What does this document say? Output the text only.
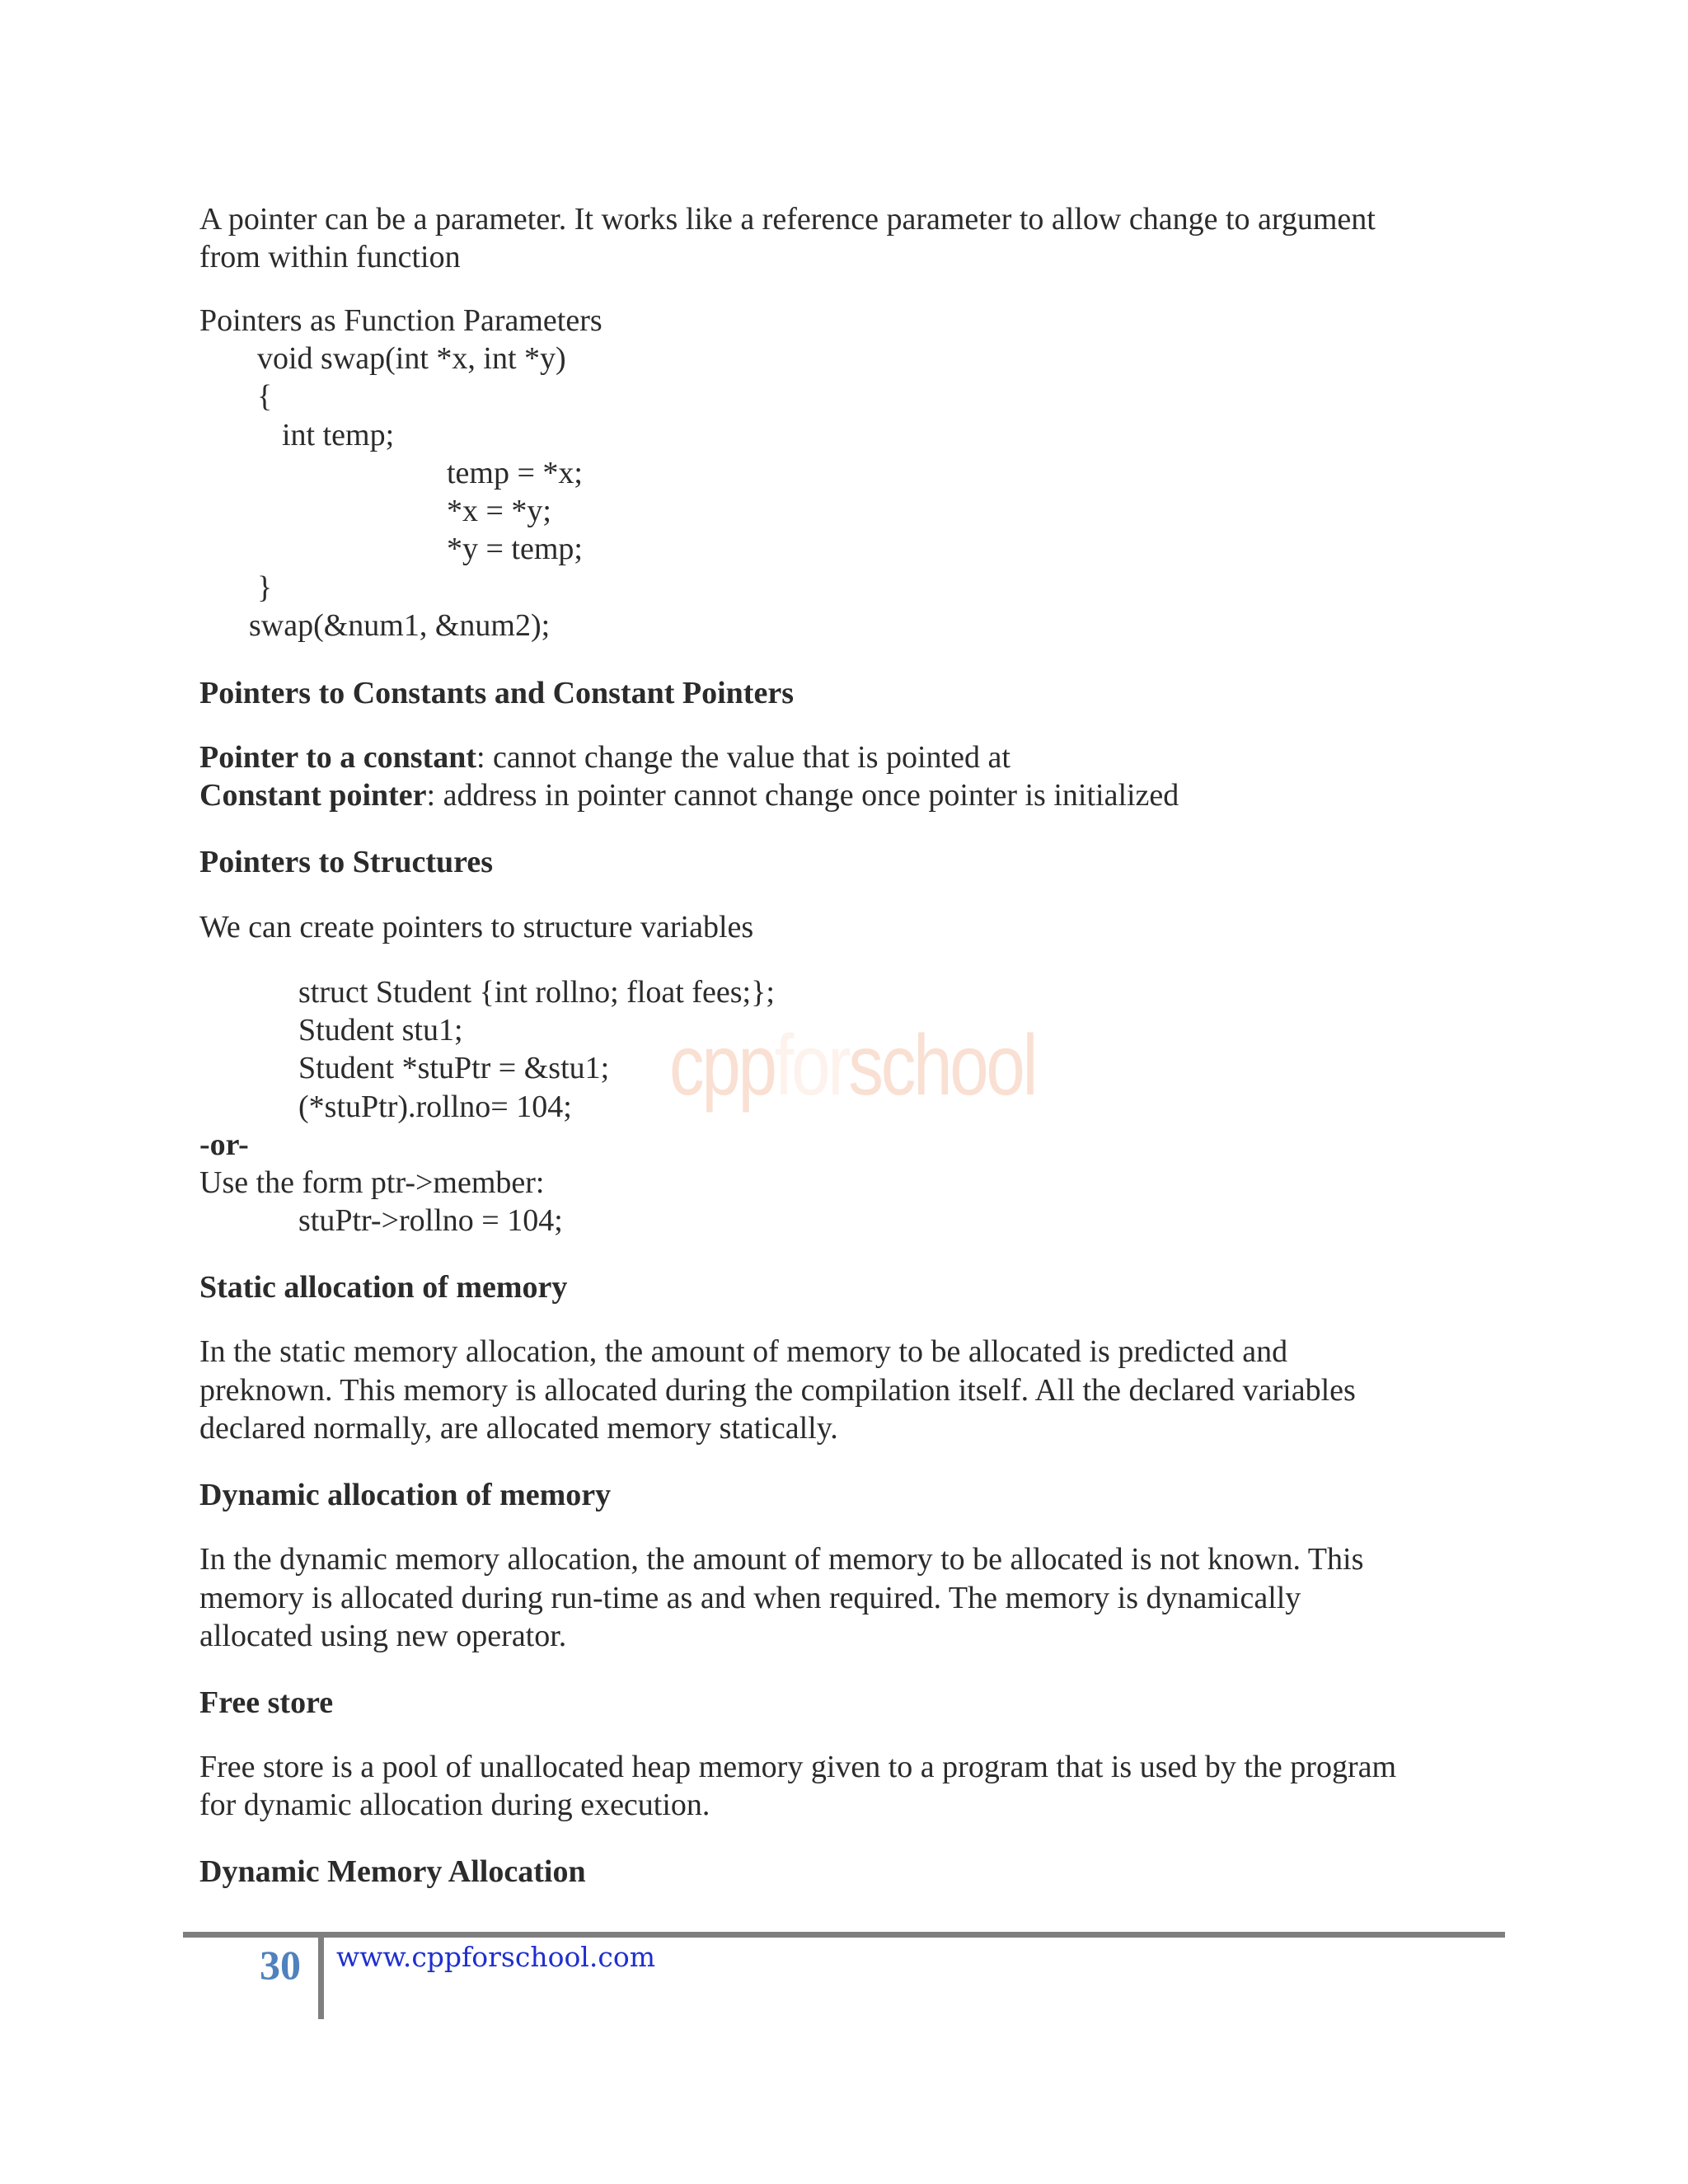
A pointer can be a parameter. It works like a reference parameter to allow change to argument
from within function
Pointers as Function Parameters
void swap(int *x, int *y)
{
int temp;
temp = *x;
*x = *y;
*y = temp;
}
swap(&num1, &num2);
Pointers to Constants and Constant Pointers
Pointer to a constant: cannot change the value that is pointed at
Constant pointer: address in pointer cannot change once pointer is initialized
Pointers to Structures
We can create pointers to structure variables
struct Student {int rollno; float fees;};
Student stu1;
Student *stuPtr = &stu1;
(*stuPtr).rollno= 104;
-or-
Use the form ptr->member:
stuPtr->rollno = 104;
cppforschool
Static allocation of memory
In the static memory allocation, the amount of memory to be allocated is predicted and
preknown. This memory is allocated during the compilation itself. All the declared variables
declared normally, are allocated memory statically.
Dynamic allocation of memory
In the dynamic memory allocation, the amount of memory to be allocated is not known. This
memory is allocated during run-time as and when required. The memory is dynamically
allocated using new operator.
Free store
Free store is a pool of unallocated heap memory given to a program that is used by the program
for dynamic allocation during execution.
Dynamic Memory Allocation
30	www.cppforschool.com
